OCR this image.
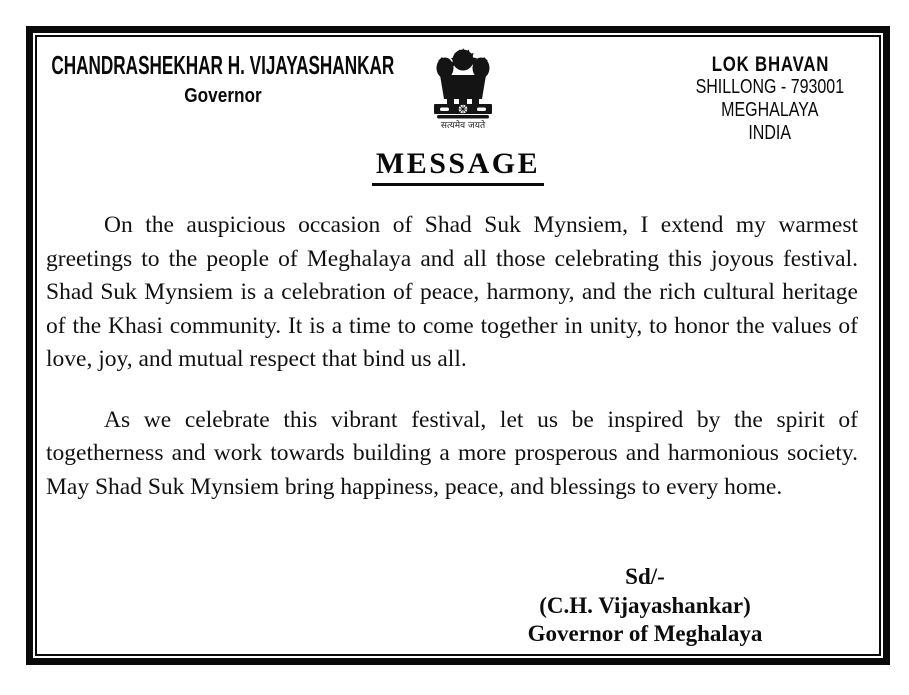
CHANDRASHEKHAR H. VIJAYASHANKAR
Governor
सत्यमेव जयते
LOK BHAVAN
SHILLONG - 793001
MEGHALAYA
INDIA
MESSAGE

On the auspicious occasion of Shad Suk Mynsiem, I extend my warmest greetings to the people of Meghalaya and all those celebrating this joyous festival. Shad Suk Mynsiem is a celebration of peace, harmony, and the rich cultural heritage of the Khasi community. It is a time to come together in unity, to honor the values of love, joy, and mutual respect that bind us all.

As we celebrate this vibrant festival, let us be inspired by the spirit of togetherness and work towards building a more prosperous and harmonious society. May Shad Suk Mynsiem bring happiness, peace, and blessings to every home.

Sd/-
(C.H. Vijayashankar)
Governor of Meghalaya
